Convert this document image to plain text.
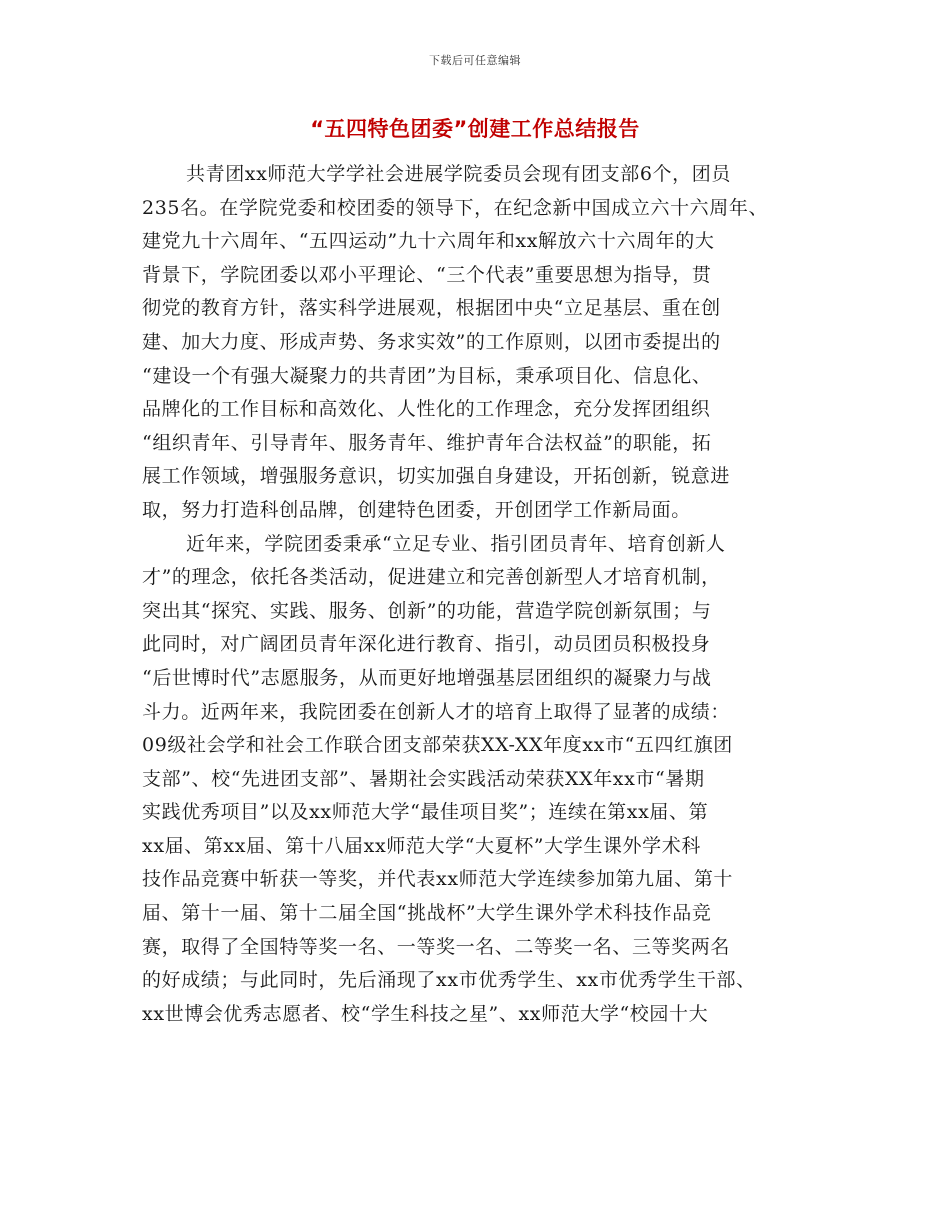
下载后可任意编辑
“五四特色团委”创建工作总结报告
共青团xx师范大学学社会进展学院委员会现有团支部6个，团员
235名。在学院党委和校团委的领导下，在纪念新中国成立六十六周年、
建党九十六周年、“五四运动”九十六周年和xx解放六十六周年的大
背景下，学院团委以邓小平理论、“三个代表”重要思想为指导，贯
彻党的教育方针，落实科学进展观，根据团中央“立足基层、重在创
建、加大力度、形成声势、务求实效”的工作原则，以团市委提出的
“建设一个有强大凝聚力的共青团”为目标，秉承项目化、信息化、
品牌化的工作目标和高效化、人性化的工作理念，充分发挥团组织
“组织青年、引导青年、服务青年、维护青年合法权益”的职能，拓
展工作领域，增强服务意识，切实加强自身建设，开拓创新，锐意进
取，努力打造科创品牌，创建特色团委，开创团学工作新局面。
近年来，学院团委秉承“立足专业、指引团员青年、培育创新人
才”的理念，依托各类活动，促进建立和完善创新型人才培育机制，
突出其“探究、实践、服务、创新”的功能，营造学院创新氛围；与
此同时，对广阔团员青年深化进行教育、指引，动员团员积极投身
“后世博时代”志愿服务，从而更好地增强基层团组织的凝聚力与战
斗力。近两年来，我院团委在创新人才的培育上取得了显著的成绩：
09级社会学和社会工作联合团支部荣获XX-XX年度xx市“五四红旗团
支部”、校“先进团支部”、暑期社会实践活动荣获XX年xx市“暑期
实践优秀项目”以及xx师范大学“最佳项目奖”；连续在第xx届、第
xx届、第xx届、第十八届xx师范大学“大夏杯”大学生课外学术科
技作品竞赛中斩获一等奖，并代表xx师范大学连续参加第九届、第十
届、第十一届、第十二届全国“挑战杯”大学生课外学术科技作品竞
赛，取得了全国特等奖一名、一等奖一名、二等奖一名、三等奖两名
的好成绩；与此同时，先后涌现了xx市优秀学生、xx市优秀学生干部、
xx世博会优秀志愿者、校“学生科技之星”、xx师范大学“校园十大
